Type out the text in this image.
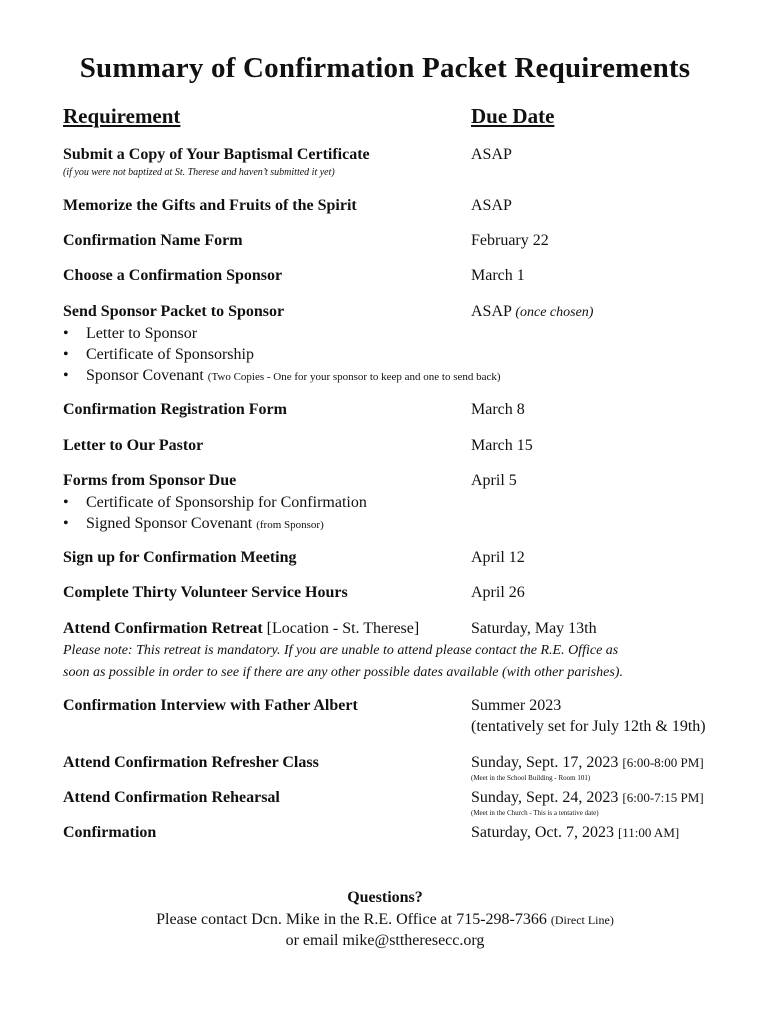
Summary of Confirmation Packet Requirements
Requirement	Due Date
Submit a Copy of Your Baptismal Certificate	ASAP
(if you were not baptized at St. Therese and haven’t submitted it yet)
Memorize the Gifts and Fruits of the Spirit	ASAP
Confirmation Name Form	February 22
Choose a Confirmation Sponsor	March 1
Send Sponsor Packet to Sponsor	ASAP (once chosen)
• Letter to Sponsor
• Certificate of Sponsorship
• Sponsor Covenant (Two Copies - One for your sponsor to keep and one to send back)
Confirmation Registration Form	March 8
Letter to Our Pastor	March 15
Forms from Sponsor Due	April 5
• Certificate of Sponsorship for Confirmation
• Signed Sponsor Covenant (from Sponsor)
Sign up for Confirmation Meeting	April 12
Complete Thirty Volunteer Service Hours	April 26
Attend Confirmation Retreat [Location - St. Therese]	Saturday, May 13th
Please note: This retreat is mandatory. If you are unable to attend please contact the R.E. Office as soon as possible in order to see if there are any other possible dates available (with other parishes).
Confirmation Interview with Father Albert	Summer 2023
(tentatively set for July 12th & 19th)
Attend Confirmation Refresher Class	Sunday, Sept. 17, 2023 [6:00-8:00 PM]
(Meet in the School Building - Room 101)
Attend Confirmation Rehearsal	Sunday, Sept. 24, 2023 [6:00-7:15 PM]
(Meet in the Church - This is a tentative date)
Confirmation	Saturday, Oct. 7, 2023 [11:00 AM]
Questions?
Please contact Dcn. Mike in the R.E. Office at 715-298-7366 (Direct Line)
or email mike@sttheresecc.org
